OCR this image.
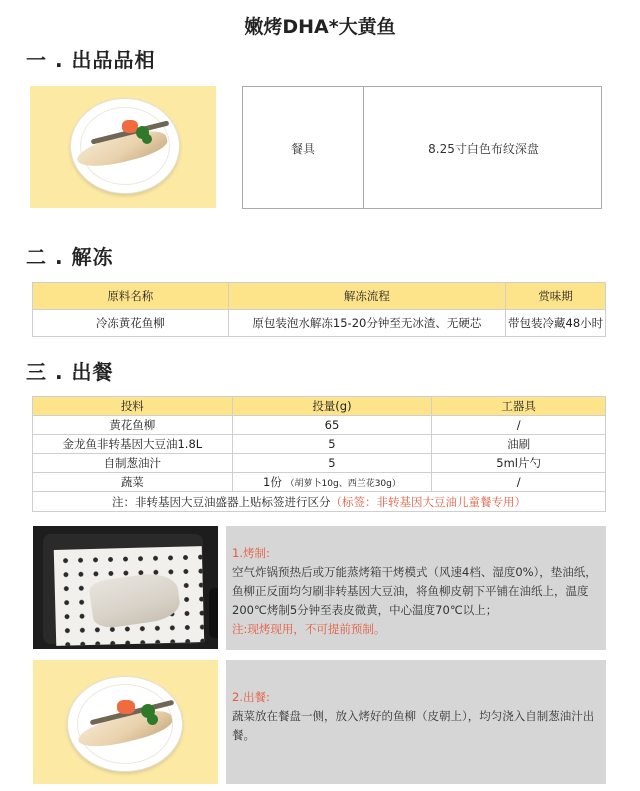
嫩烤DHA*大黄鱼
一 . 出品品相
餐具	8.25寸白色布纹深盘
二 . 解冻
原料名称	解冻流程	赏味期
冷冻黄花鱼柳	原包装泡水解冻15-20分钟至无冰渣、无硬芯	带包装冷藏48小时
三 . 出餐
投料	投量(g)	工器具
黄花鱼柳	65	/
金龙鱼非转基因大豆油1.8L	5	油刷
自制葱油汁	5	5ml片勺
蔬菜	1份 （胡萝卜10g、西兰花30g）	/
注：非转基因大豆油盛器上贴标签进行区分（标签：非转基因大豆油儿童餐专用）		
1.烤制:
空气炸锅预热后或万能蒸烤箱干烤模式（风速4档、湿度0%），垫油纸，鱼柳正反面均匀刷非转基因大豆油，将鱼柳皮朝下平铺在油纸上，温度200℃烤制5分钟至表皮微黄，中心温度70℃以上；
注:现烤现用，不可提前预制。
2.出餐:
蔬菜放在餐盘一侧，放入烤好的鱼柳（皮朝上），均匀浇入自制葱油汁出餐。
